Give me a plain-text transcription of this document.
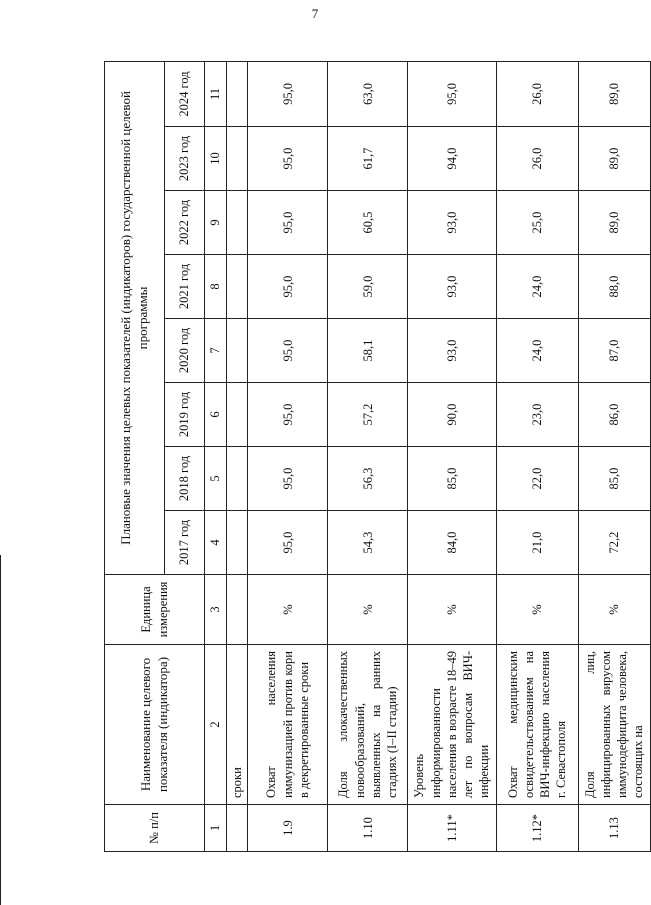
7
№ п/п	Наименование целевого показателя (индикатора)	Единица измерения	Плановые значения целевых показателей (индикаторов) государственной целевой программы							
			2017 год	2018 год	2019 год	2020 год	2021 год	2022 год	2023 год	2024 год
1	2	3	4	5	6	7	8	9	10	11
	сроки									
1.9	Охват населения иммунизацией против кори в декретированные сроки	%	95,0	95,0	95,0	95,0	95,0	95,0	95,0	95,0
1.10	Доля злокачественных новообразований, выявленных на ранних стадиях (I–II стадии)	%	54,3	56,3	57,2	58,1	59,0	60,5	61,7	63,0
1.11*	Уровень информированности населения в возрасте 18–49 лет по вопросам ВИЧ-инфекции	%	84,0	85,0	90,0	93,0	93,0	93,0	94,0	95,0
1.12*	Охват медицинским освидетельствованием на ВИЧ-инфекцию населения г. Севастополя	%	21,0	22,0	23,0	24,0	24,0	25,0	26,0	26,0
1.13	Доля лиц, инфицированных вирусом иммунодефицита человека, состоящих на	%	72,2	85,0	86,0	87,0	88,0	89,0	89,0	89,0
